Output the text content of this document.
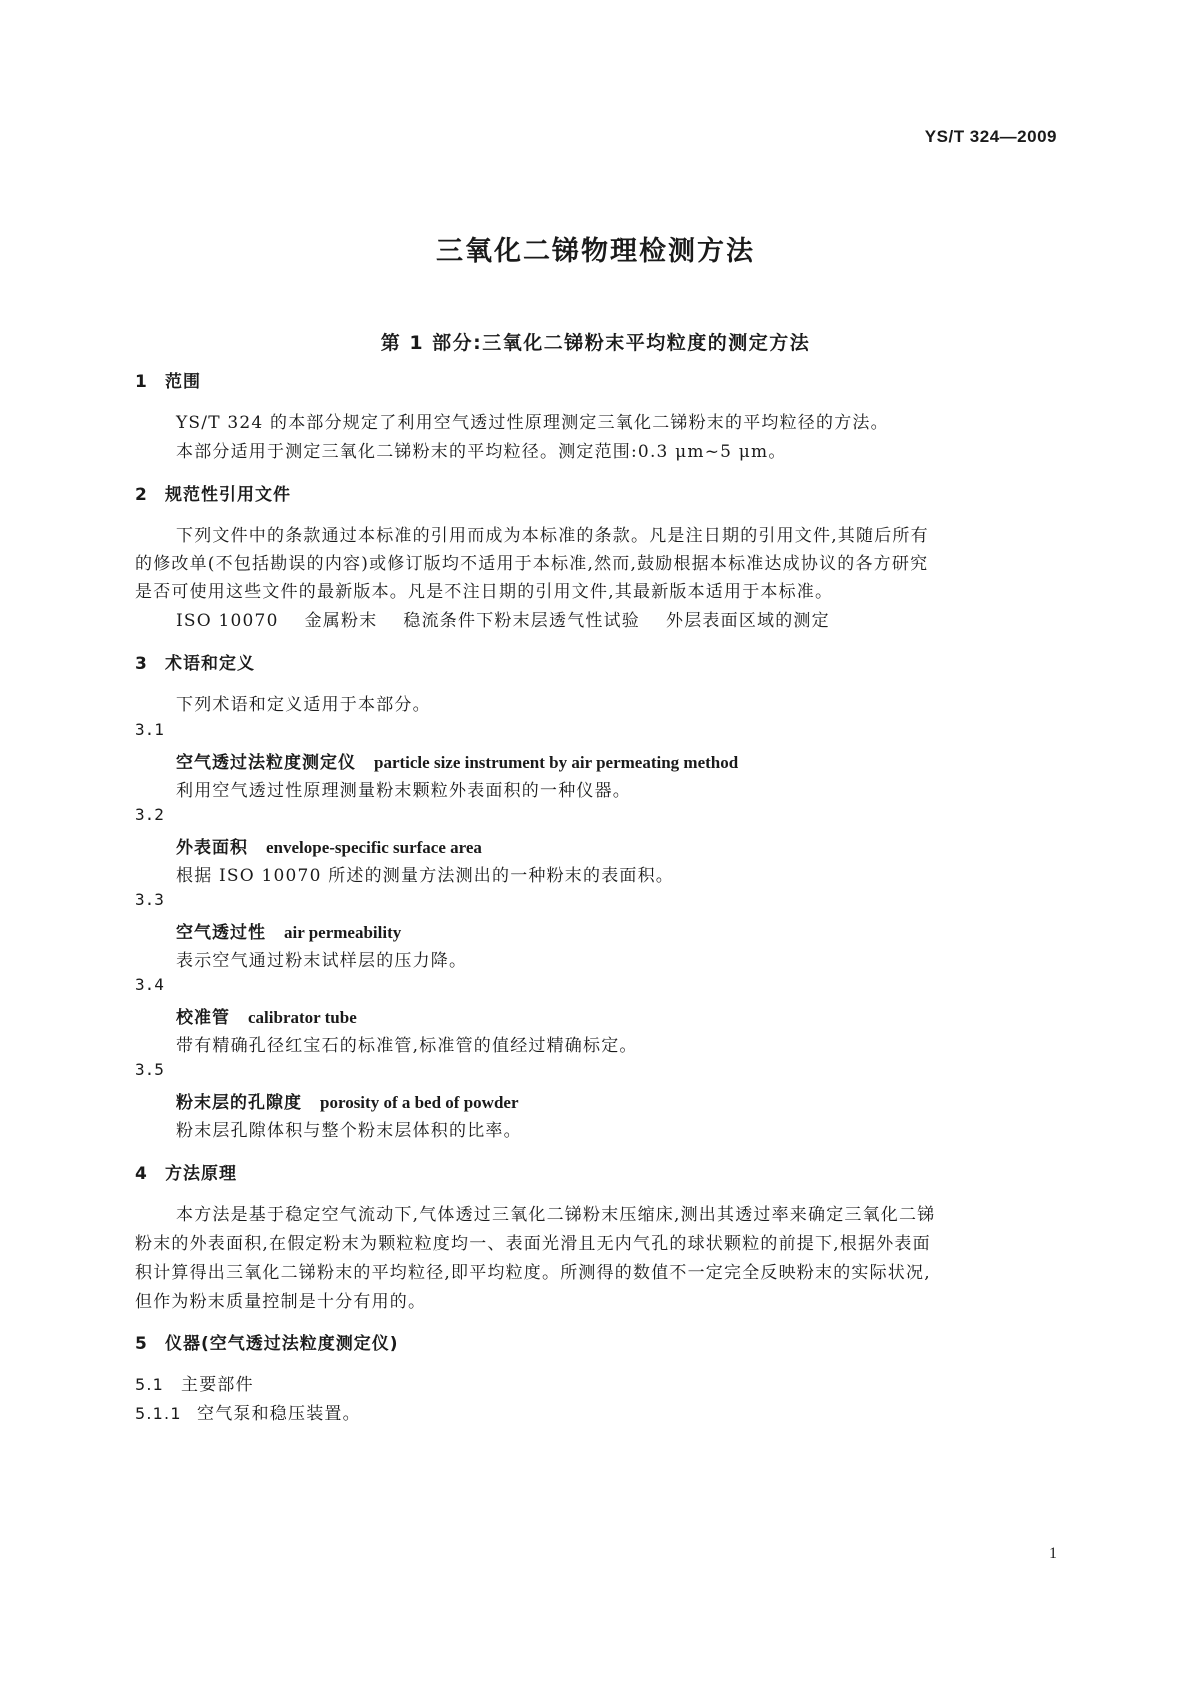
YS/T 324—2009
三氧化二锑物理检测方法
第 1 部分:三氧化二锑粉末平均粒度的测定方法
1 范围
YS/T 324 的本部分规定了利用空气透过性原理测定三氧化二锑粉末的平均粒径的方法。
本部分适用于测定三氧化二锑粉末的平均粒径。测定范围:0.3 μm~5 μm。
2 规范性引用文件
下列文件中的条款通过本标准的引用而成为本标准的条款。凡是注日期的引用文件,其随后所有
的修改单(不包括勘误的内容)或修订版均不适用于本标准,然而,鼓励根据本标准达成协议的各方研究
是否可使用这些文件的最新版本。凡是不注日期的引用文件,其最新版本适用于本标准。
ISO 10070 金属粉末 稳流条件下粉末层透气性试验 外层表面区域的测定
3 术语和定义
下列术语和定义适用于本部分。
3.1
空气透过法粒度测定仪 particle size instrument by air permeating method
利用空气透过性原理测量粉末颗粒外表面积的一种仪器。
3.2
外表面积 envelope-specific surface area
根据 ISO 10070 所述的测量方法测出的一种粉末的表面积。
3.3
空气透过性 air permeability
表示空气通过粉末试样层的压力降。
3.4
校准管 calibrator tube
带有精确孔径红宝石的标准管,标准管的值经过精确标定。
3.5
粉末层的孔隙度 porosity of a bed of powder
粉末层孔隙体积与整个粉末层体积的比率。
4 方法原理
本方法是基于稳定空气流动下,气体透过三氧化二锑粉末压缩床,测出其透过率来确定三氧化二锑
粉末的外表面积,在假定粉末为颗粒粒度均一、表面光滑且无内气孔的球状颗粒的前提下,根据外表面
积计算得出三氧化二锑粉末的平均粒径,即平均粒度。所测得的数值不一定完全反映粉末的实际状况,
但作为粉末质量控制是十分有用的。
5 仪器(空气透过法粒度测定仪)
5.1 主要部件
5.1.1 空气泵和稳压装置。
1
